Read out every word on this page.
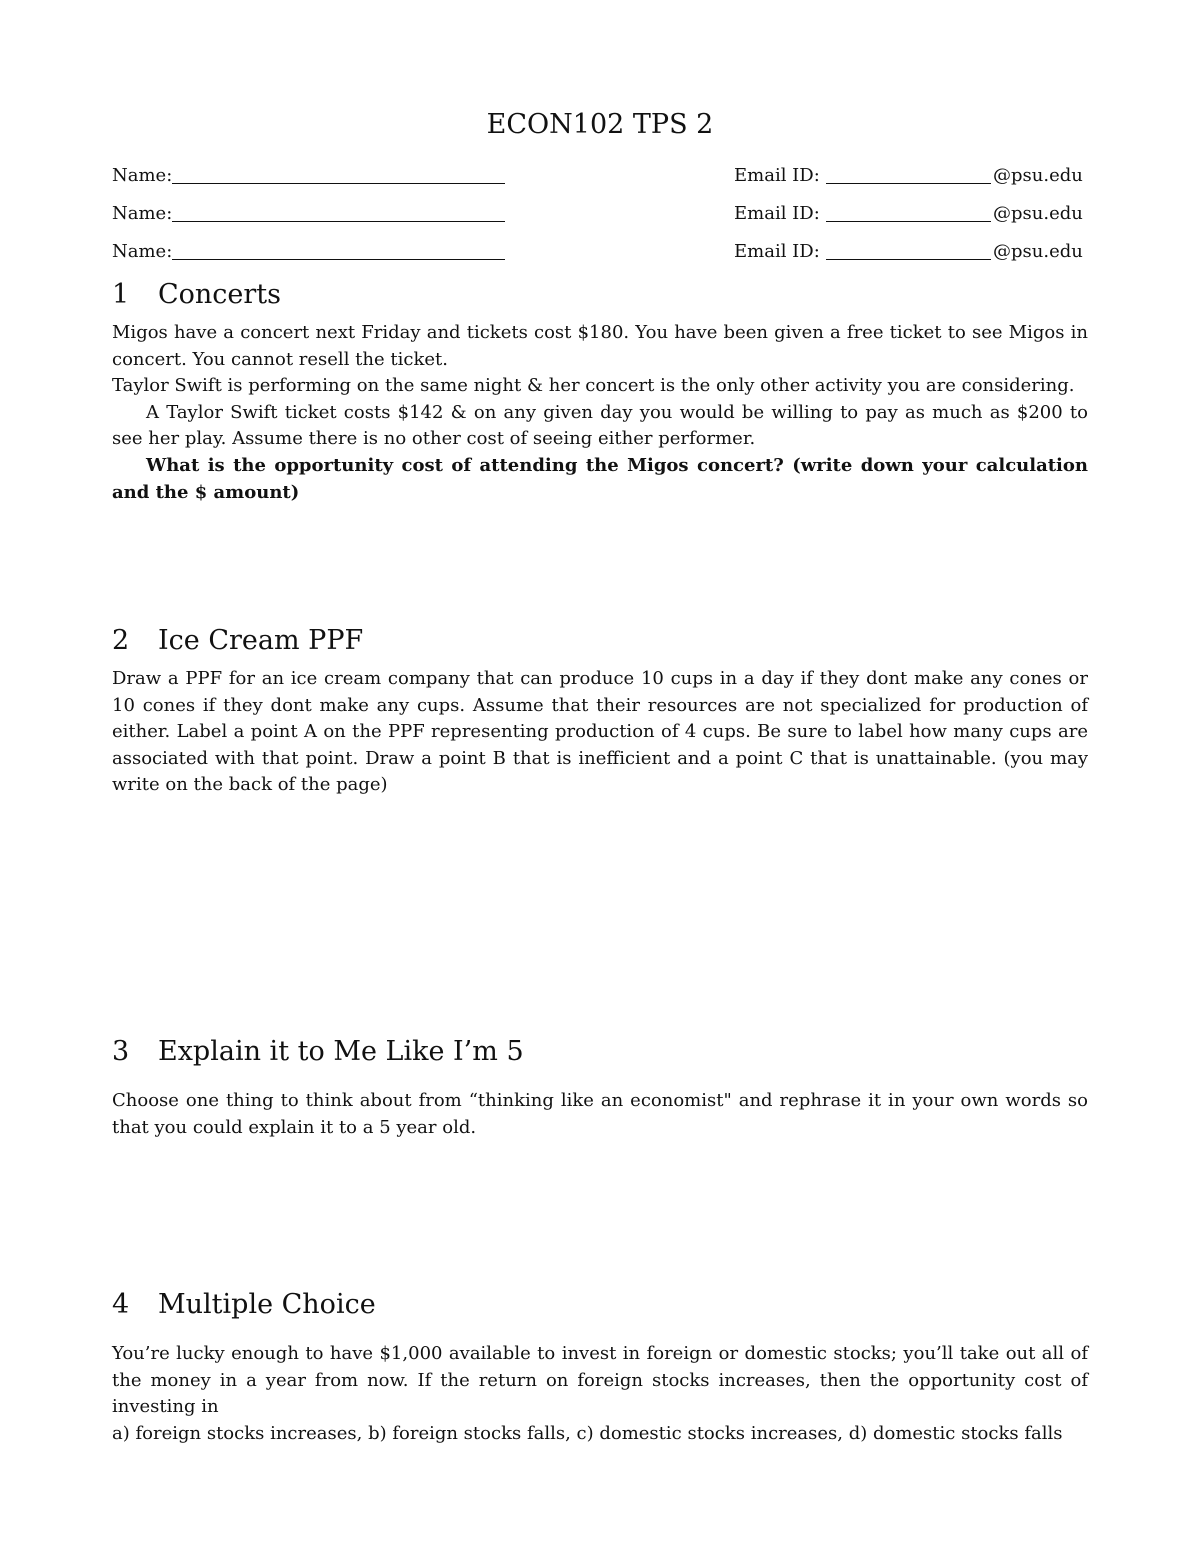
ECON102 TPS 2
Name:	Email ID:	@psu.edu
Name:	Email ID:	@psu.edu
Name:	Email ID:	@psu.edu
1 Concerts

Migos have a concert next Friday and tickets cost $180. You have been given a free ticket to see Migos in concert. You cannot resell the ticket.

Taylor Swift is performing on the same night & her concert is the only other activity you are considering.

A Taylor Swift ticket costs $142 & on any given day you would be willing to pay as much as $200 to see her play. Assume there is no other cost of seeing either performer.

What is the opportunity cost of attending the Migos concert? (write down your calculation and the $ amount)

2 Ice Cream PPF

Draw a PPF for an ice cream company that can produce 10 cups in a day if they dont make any cones or 10 cones if they dont make any cups. Assume that their resources are not specialized for production of either. Label a point A on the PPF representing production of 4 cups. Be sure to label how many cups are associated with that point. Draw a point B that is inefficient and a point C that is unattainable. (you may write on the back of the page)

3 Explain it to Me Like I’m 5

Choose one thing to think about from “thinking like an economist" and rephrase it in your own words so that you could explain it to a 5 year old.

4 Multiple Choice

You’re lucky enough to have $1,000 available to invest in foreign or domestic stocks; you’ll take out all of the money in a year from now. If the return on foreign stocks increases, then the opportunity cost of investing in

a) foreign stocks increases, b) foreign stocks falls, c) domestic stocks increases, d) domestic stocks falls
